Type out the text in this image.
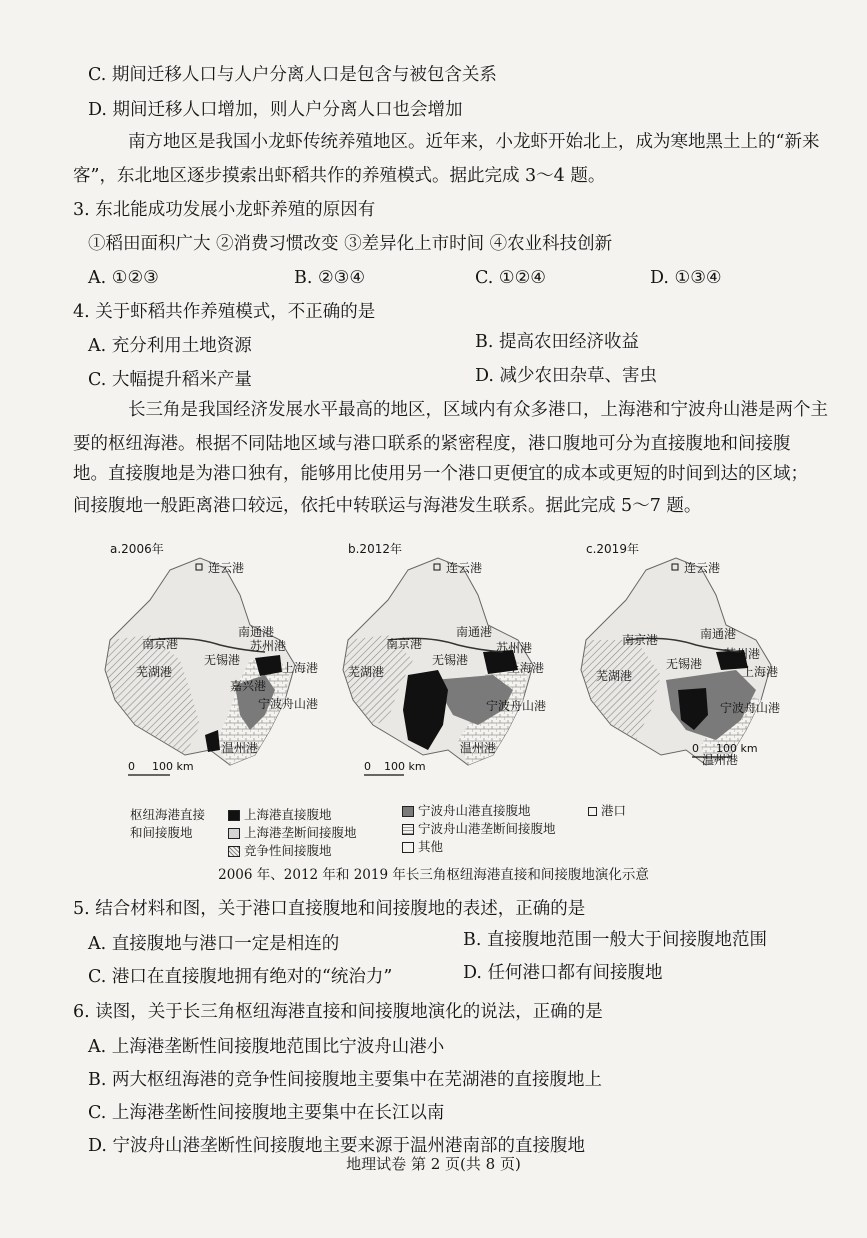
C. 期间迁移人口与人户分离人口是包含与被包含关系
D. 期间迁移人口增加，则人户分离人口也会增加
南方地区是我国小龙虾传统养殖地区。近年来，小龙虾开始北上，成为寒地黑土上的“新来
客”，东北地区逐步摸索出虾稻共作的养殖模式。据此完成 3～4 题。
3. 东北能成功发展小龙虾养殖的原因有
①稻田面积广大 ②消费习惯改变 ③差异化上市时间 ④农业科技创新
A. ①②③	B. ②③④	C. ①②④	D. ①③④
4. 关于虾稻共作养殖模式，不正确的是
A. 充分利用土地资源	B. 提高农田经济收益
C. 大幅提升稻米产量	D. 减少农田杂草、害虫
长三角是我国经济发展水平最高的地区，区域内有众多港口，上海港和宁波舟山港是两个主
要的枢纽海港。根据不同陆地区域与港口联系的紧密程度，港口腹地可分为直接腹地和间接腹
地。直接腹地是为港口独有，能够用比使用另一个港口更便宜的成本或更短的时间到达的区域；
间接腹地一般距离港口较远，依托中转联运与海港发生联系。据此完成 5～7 题。
a.2006年
连云港
南京港
南通港
苏州港
无锡港
芜湖港	上海港
嘉兴港
宁波舟山港
温州港
0 100 km
b.2012年
连云港
南京港
南通港
苏州港
无锡港
芜湖港	上海港
宁波舟山港
温州港
0 100 km
c.2019年
连云港
南京港	南通港
苏州港
无锡港
芜湖港	上海港
宁波舟山港
温州港
0 100 km
枢纽海港直接
和间接腹地
上海港直接腹地
上海港垄断间接腹地
竞争性间接腹地
宁波舟山港直接腹地
宁波舟山港垄断间接腹地
其他
港口
2006 年、2012 年和 2019 年长三角枢纽海港直接和间接腹地演化示意
5. 结合材料和图，关于港口直接腹地和间接腹地的表述，正确的是
A. 直接腹地与港口一定是相连的	B. 直接腹地范围一般大于间接腹地范围
C. 港口在直接腹地拥有绝对的“统治力”	D. 任何港口都有间接腹地
6. 读图，关于长三角枢纽海港直接和间接腹地演化的说法，正确的是
A. 上海港垄断性间接腹地范围比宁波舟山港小
B. 两大枢纽海港的竞争性间接腹地主要集中在芜湖港的直接腹地上
C. 上海港垄断性间接腹地主要集中在长江以南
D. 宁波舟山港垄断性间接腹地主要来源于温州港南部的直接腹地
地理试卷 第 2 页(共 8 页)
